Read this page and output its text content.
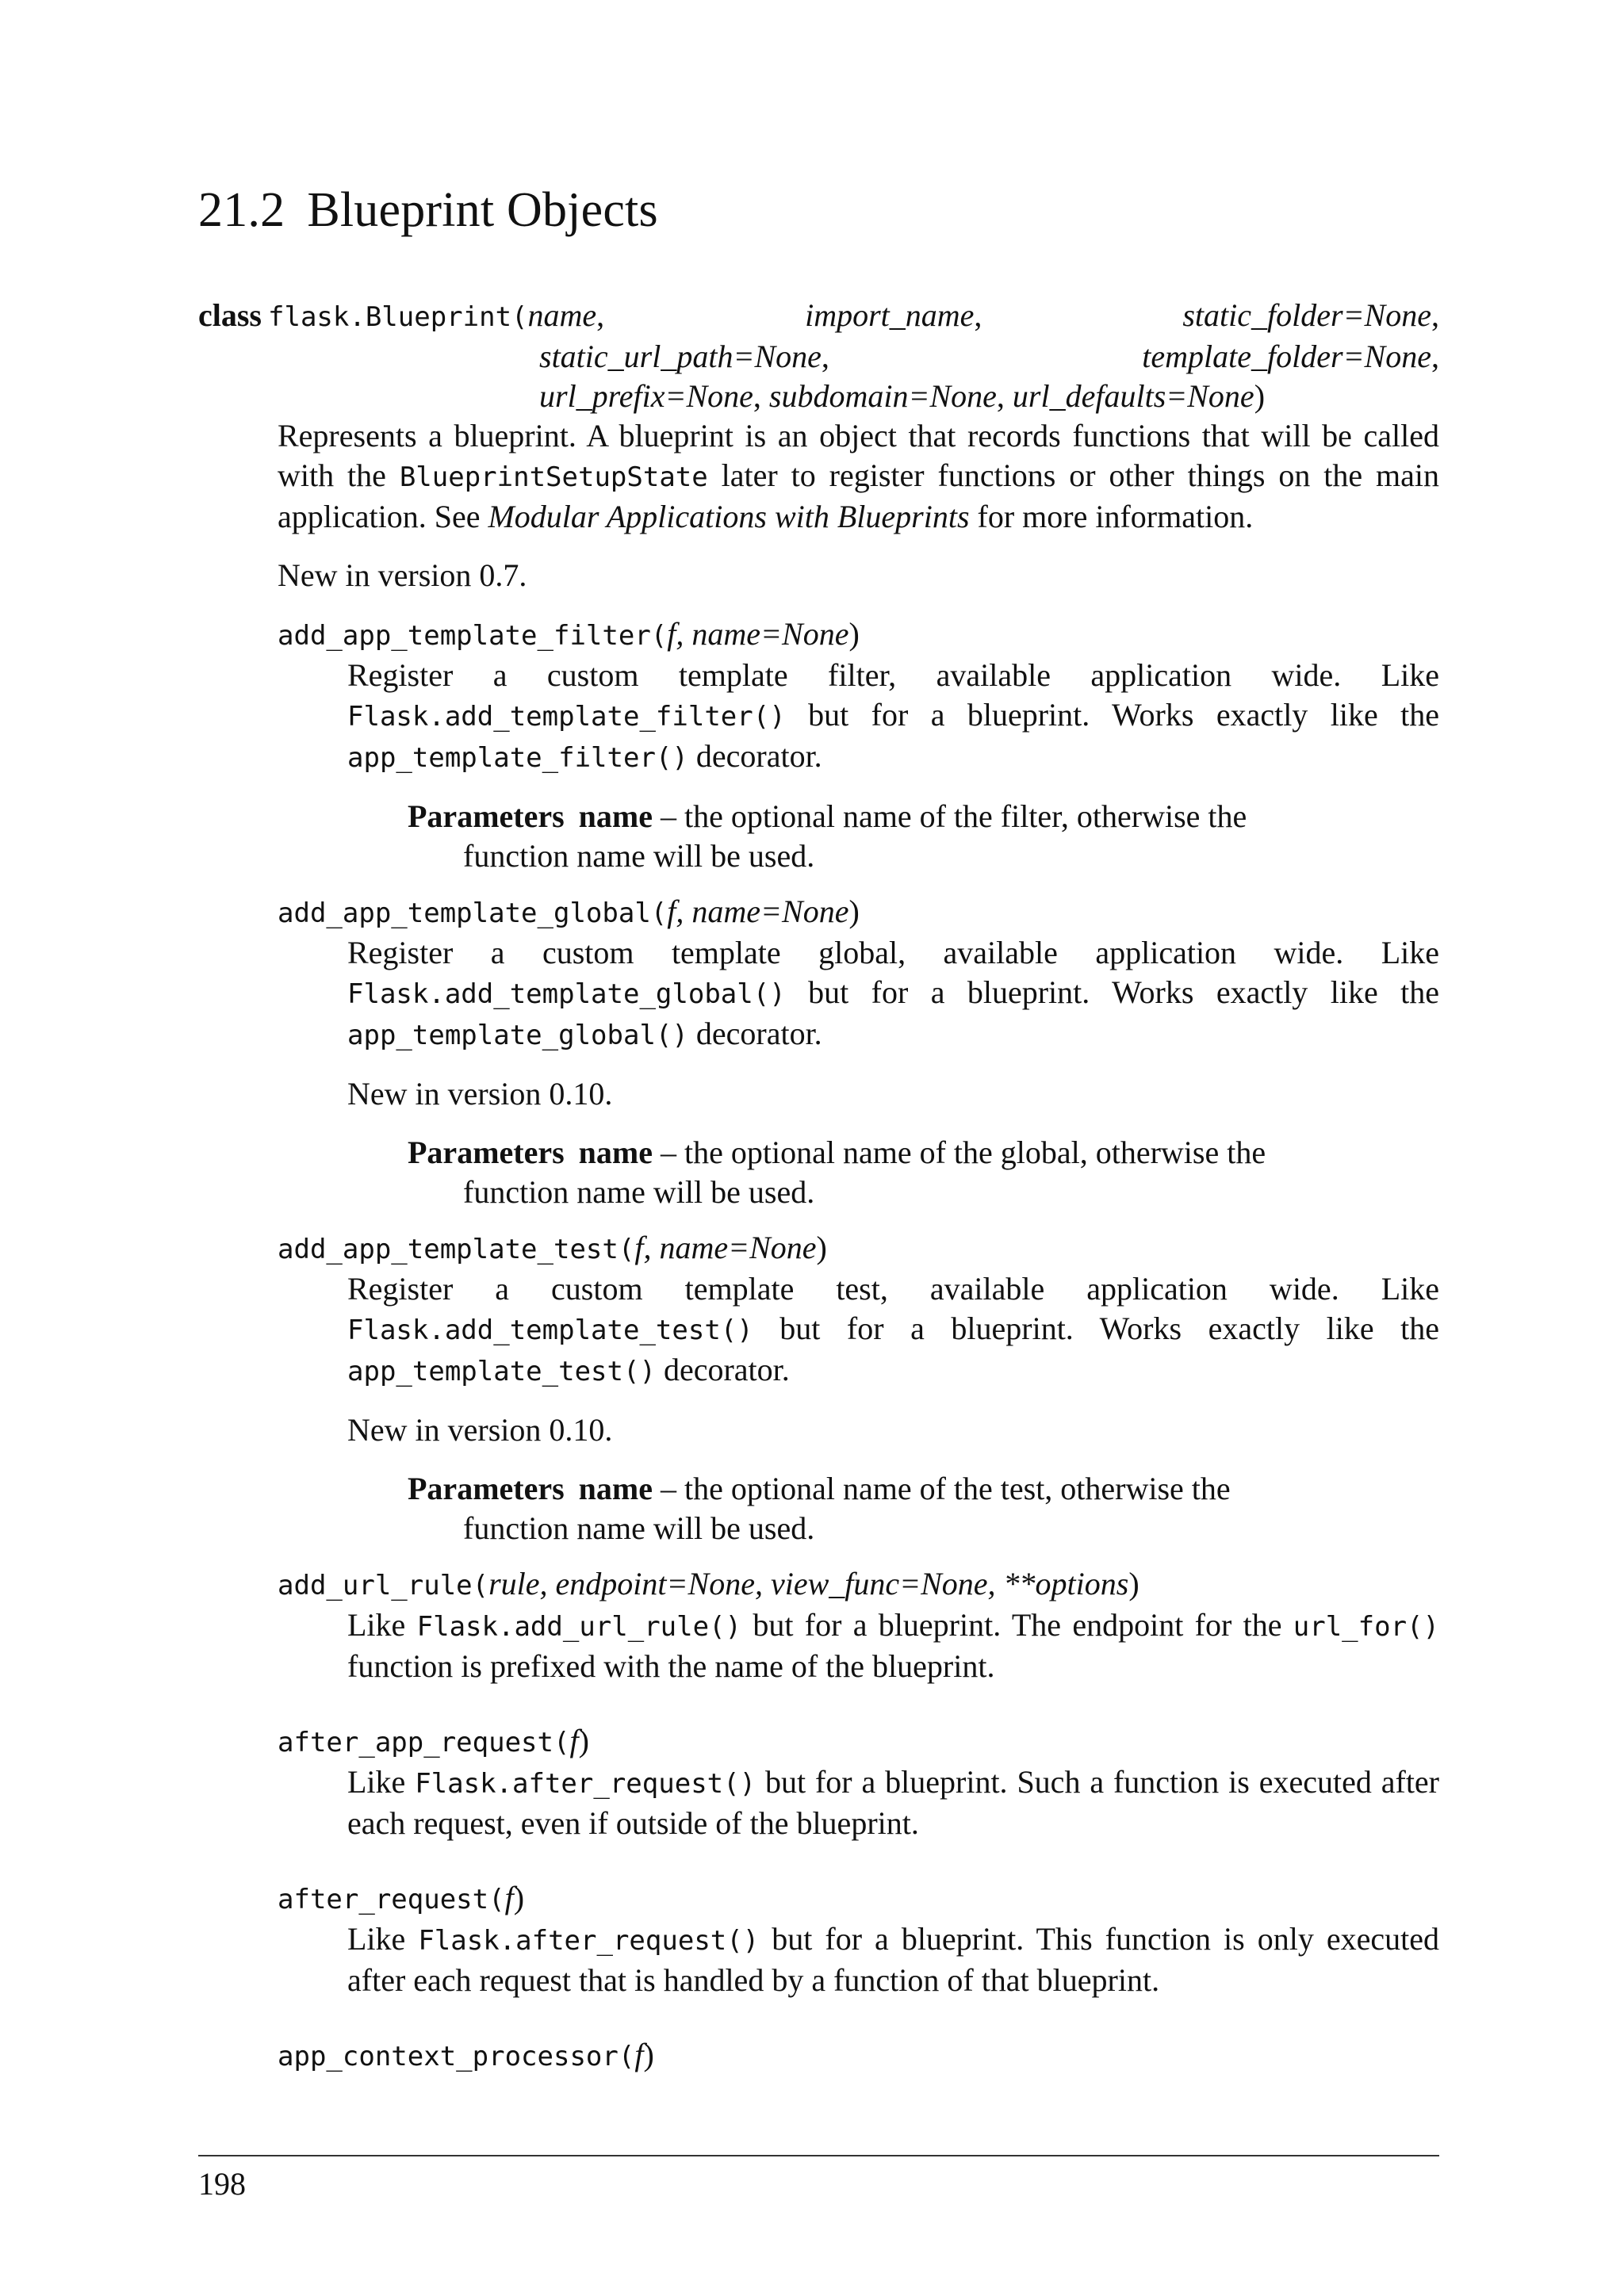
21.2 Blueprint Objects
class flask.Blueprint( name,	import_name,	static_folder=None,
static_url_path=None,	template_folder=None,
url_prefix=None, subdomain=None, url_defaults=None)

Represents a blueprint. A blueprint is an object that records functions that will be called with the BlueprintSetupState later to register functions or other things on the main application. See Modular Applications with Blueprints for more information.

New in version 0.7.

add_app_template_filter(f, name=None)

Register a custom template filter, available application wide. Like Flask.add_template_filter() but for a blueprint. Works exactly like the app_template_filter() decorator.

Parameters name – the optional name of the filter, otherwise the
function name will be used.

add_app_template_global(f, name=None)

Register a custom template global, available application wide. Like Flask.add_template_global() but for a blueprint. Works exactly like the app_template_global() decorator.

New in version 0.10.

Parameters name – the optional name of the global, otherwise the
function name will be used.

add_app_template_test(f, name=None)

Register a custom template test, available application wide. Like Flask.add_template_test() but for a blueprint. Works exactly like the app_template_test() decorator.

New in version 0.10.

Parameters name – the optional name of the test, otherwise the
function name will be used.

add_url_rule(rule, endpoint=None, view_func=None, **options)

Like Flask.add_url_rule() but for a blueprint. The endpoint for the url_for() function is prefixed with the name of the blueprint.

after_app_request(f)

Like Flask.after_request() but for a blueprint. Such a function is executed after each request, even if outside of the blueprint.

after_request(f)

Like Flask.after_request() but for a blueprint. This function is only executed after each request that is handled by a function of that blueprint.

app_context_processor(f)

198
